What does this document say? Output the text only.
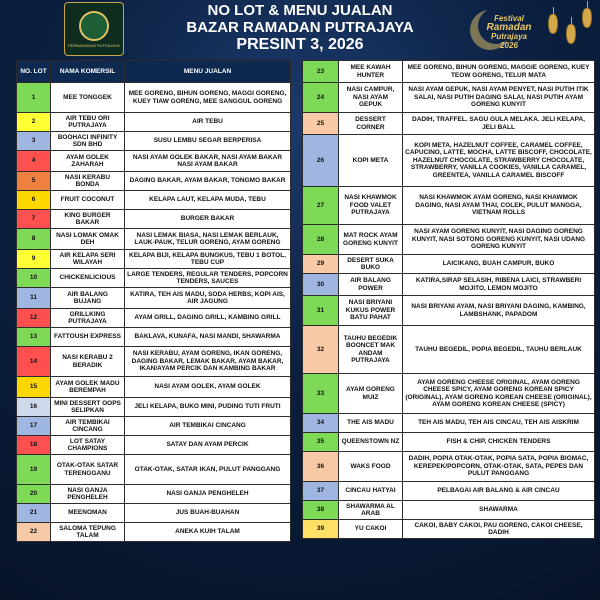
PERBADANAN PUTRAJAYA
NO LOT & MENU JUALAN
BAZAR RAMADAN PUTRAJAYA
PRESINT 3, 2026
Festival
Ramadan
Putrajaya
2026
NO. LOT	NAMA KOMERSIL	MENU JUALAN
1	MEE TONGGEK	MEE GORENG, BIHUN GORENG, MAGGI GORENG, KUEY TIAW GORENG, MEE SANGGUL GORENG
2	AIR TEBU ORI PUTRAJAYA	AIR TEBU
3	BOOHACI INFINITY SDN BHD	SUSU LEMBU SEGAR BERPERISA
4	AYAM GOLEK ZAHARAH	NASI AYAM GOLEK BAKAR, NASI AYAM BAKAR NASI AYAM BAKAR
5	NASI KERABU BONDA	DAGING BAKAR, AYAM BAKAR, TONGMO BAKAR
6	FRUIT COCONUT	KELAPA LAUT, KELAPA MUDA, TEBU
7	KING BURGER BAKAR	BURGER BAKAR
8	NASI LOMAK OMAK DEH	NASI LEMAK BIASA, NASI LEMAK BERLAUK, LAUK-PAUK, TELUR GORENG, AYAM GORENG
9	AIR KELAPA SERI WILAYAH	KELAPA BIJI, KELAPA BUNGKUS, TEBU 1 BOTOL, TEBU CUP
10	CHICKENLICIOUS	LARGE TENDERS, REGULAR TENDERS, POPCORN TENDERS, SAUCES
11	AIR BALANG BUJANG	KATIRA, TEH AIS MADU, SODA HERBS, KOPI AIS, AIR JAGUNG
12	GRILLKING PUTRAJAYA	AYAM GRILL, DAGING GRILL, KAMBING GRILL
13	FATTOUSH EXPRESS	BAKLAVA, KUNAFA, NASI MANDI, SHAWARMA
14	NASI KERABU 2 BERADIK	NASI KERABU, AYAM GORENG, IKAN GORENG, DAGING BAKAR, LEMAK BAKAR, AYAM BAKAR, IKAN/AYAM PERCIK DAN KAMBING BAKAR
15	AYAM GOLEK MADU BEREMPAH	NASI AYAM GOLEK, AYAM GOLEK
16	MINI DESSERT OOPS SELIPKAN	JELI KELAPA, BUKO MINI, PUDING TUTI FRUTI
17	AIR TEMBIKAI CINCANG	AIR TEMBIKAI CINCANG
18	LOT SATAY CHAMPIONS	SATAY DAN AYAM PERCIK
19	OTAK-OTAK SATAR TERENGGANU	OTAK-OTAK, SATAR IKAN, PULUT PANGGANG
20	NASI GANJA PENGHELEH	NASI GANJA PENGHELEH
21	MEENOMAN	JUS BUAH-BUAHAN
22	SALOMA TEPUNG TALAM	ANEKA KUIH TALAM
23	MEE KAWAH HUNTER	MEE GORENG, BIHUN GORENG, MAGGIE GORENG, KUEY TEOW GORENG, TELUR MATA
24	NASI CAMPUR, NASI AYAM GEPUK	NASI AYAM GEPUK, NASI AYAM PENYET, NASI PUTIH ITIK SALAI, NASI PUTIH DAGING SALAI, NASI PUTIH AYAM GORENG KUNYIT
25	DESSERT CORNER	DADIH, TRAFFEL. SAGU GULA MELAKA. JELI KELAPA, JELI BALL
26	KOPI META	KOPI META, HAZELNUT COFFEE, CARAMEL COFFEE, CAPUCINO, LATTE, MOCHA, LATTE BISCOFF, CHOCOLATE, HAZELNUT CHOCOLATE, STRAWBERRY CHOCOLATE, STRAWBERRY, VANILLA COOKIES, VANILLA CARAMEL, GREENTEA, VANILLA CARAMEL BISCOFF
27	NASI KHAWMOK FOOD VALET PUTRAJAYA	NASI KHAWMOK AYAM GORENG, NASI KHAWMOK DAGING, NASI AYAM THAI, COLEK, PULUT MANGGA, VIETNAM ROLLS
28	MAT ROCK AYAM GORENG KUNYIT	NASI AYAM GORENG KUNYIT, NASI DAGING GORENG KUNYIT, NASI SOTONG GORENG KUNYIT, NASI UDANG GORENG KUNYIT
29	DESERT SUKA BUKO	LAICIKANG, BUAH CAMPUR, BUKO
30	AIR BALANG POWER	KATIRA,SIRAP SELASIH, RIBENA LAICI, STRAWBERI MOJITO, LEMON MOJITO
31	NASI BRIYANI KUKUS POWER BATU PAHAT	NASI BRIYANI AYAM, NASI BRIYANI DAGING, KAMBING, LAMBSHANK, PAPADOM
32	TAUHU BEGEDIK BOONCET MAK ANDAM PUTRAJAYA	TAUHU BEGEDIL, POPIA BEGEDIL, TAUHU BERLAUK
33	AYAM GORENG MUIZ	AYAM GORENG CHEESE ORIGINAL, AYAM GORENG CHEESE SPICY, AYAM GORENG KOREAN SPICY (ORIGINAL), AYAM GORENG KOREAN CHEESE (ORIGINAL), AYAM GORENG KOREAN CHEESE (SPICY)
34	THE AIS MADU	TEH AIS MADU, TEH AIS CINCAU, TEH AIS AISKRIM
35	QUEENSTOWN NZ	FISH & CHIP, CHICKEN TENDERS
36	WAKS FOOD	DADIH, POPIA OTAK-OTAK, POPIA SATA, POPIA BIGMAC, KEREPEK/POPCORN, OTAK-OTAK, SATA, PEPES DAN PULUT PANGGANG
37	CINCAU HATYAI	PELBAGAI AIR BALANG & AIR CINCAU
38	SHAWARMA AL ARAB	SHAWARMA
39	YU CAKOI	CAKOI, BABY CAKOI, PAU GORENG, CAKOI CHEESE, DADIH
